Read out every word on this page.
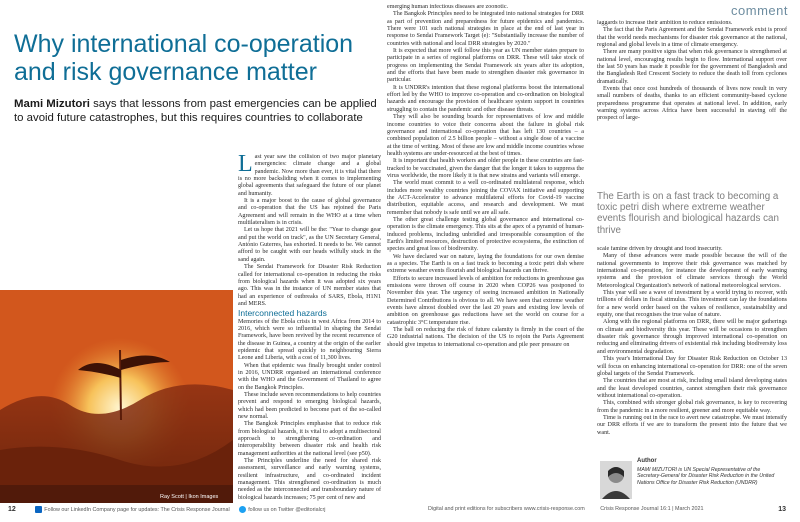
comment
Why international co-operation and risk governance matter
Mami Mizutori says that lessons from past emergencies can be applied to avoid future catastrophes, but this requires countries to collaborate

Last year saw the collision of two major planetary emergencies: climate change and a global pandemic. Now more than ever, it is vital that there is no more backsliding when it comes to implementing global agreements that safeguard the future of our planet and humanity.

It is a major boost to the cause of global governance and co-operation that the US has rejoined the Paris Agreement and will remain in the WHO at a time when multilateralism is in crisis.

Let us hope that 2021 will be the: "Year to change gear and put the world on track", as the UN Secretary General, António Guterres, has exhorted. It needs to be. We cannot afford to be caught with our heads wilfully stuck in the sand again.

The Sendai Framework for Disaster Risk Reduction called for international co-operation in reducing the risks from biological hazards when it was adopted six years ago. This was in the instance of UN member states that had an experience of outbreaks of SARS, Ebola, H1N1 and MERS.

Interconnected hazards

Memories of the Ebola crisis in west Africa from 2014 to 2016, which were so influential in shaping the Sendai Framework, have been revived by the recent recurrence of the disease in Guinea, a country at the origin of the earlier epidemic that spread quickly to neighbouring Sierra Leone and Liberia, with a cost of 11,300 lives.

When that epidemic was finally brought under control in 2016, UNDRR organised an international conference with the WHO and the Government of Thailand to agree on the Bangkok Principles.

These include seven recommendations to help countries prevent and respond to emerging biological hazards, which had been predicted to become part of the so-called new normal.

The Bangkok Principles emphasise that to reduce risk from biological hazards, it is vital to adopt a multisectoral approach to strengthening co-ordination and interoperability between disaster risk and health risk management authorities at the national level (see p50).

The Principles underline the need for shared risk assessment, surveillance and early warning systems, resilient infrastructure, and co-ordinated incident management. This strengthened co-ordination is much needed as the interconnected and transboundary nature of biological hazards increases; 75 per cent of new and

Ray Scott | Ikon Images

emerging human infectious diseases are zoonotic.

The Bangkok Principles need to be integrated into national strategies for DRR as part of prevention and preparedness for future epidemics and pandemics. There were 101 such national strategies in place at the end of last year in response to Sendai Framework Target (e): "Substantially increase the number of countries with national and local DRR strategies by 2020."

It is expected that more will follow this year as UN member states prepare to participate in a series of regional platforms on DRR. These will take stock of progress on implementing the Sendai Framework six years after its adoption, and the efforts that have been made to strengthen disaster risk governance in particular.

It is UNDRR's intention that these regional platforms boost the international effort led by the WHO to improve co-operation and co-ordination on biological hazards and encourage the provision of healthcare system support in countries struggling to contain the pandemic and other disease threats.

They will also be sounding boards for representatives of low and middle income countries to voice their concerns about the failure in global risk governance and international co-operation that has left 130 countries – a combined population of 2.5 billion people – without a single dose of a vaccine at the time of writing. Most of these are low and middle income countries whose health systems are under-resourced at the best of times.

It is important that health workers and older people in these countries are fast-tracked to be vaccinated, given the danger that the longer it takes to suppress the virus worldwide, the more likely it is that new strains and variants will emerge.

The world must commit to a well co-ordinated multilateral response, which includes more wealthy countries joining the COVAX initiative and supporting the ACT-Accelerator to advance multilateral efforts for Covid-19 vaccine distribution, equitable access, and research and development. We must remember that nobody is safe until we are all safe.

The other great challenge testing global governance and international co-operation is the climate emergency. This sits at the apex of a pyramid of human-induced problems, including unbridled and irresponsible consumption of the Earth's limited resources, destruction of protective ecosystems, the extinction of species and great loss of biodiversity.

We have declared war on nature, laying the foundations for our own demise as a species. The Earth is on a fast track to becoming a toxic petri dish where extreme weather events flourish and biological hazards can thrive.

Efforts to secure increased levels of ambition for reductions in greenhouse gas emissions were thrown off course in 2020 when COP26 was postponed to November this year. The urgency of seeing increased ambition in Nationally Determined Contributions is obvious to all. We have seen that extreme weather events have almost doubled over the last 20 years and existing low levels of ambition on greenhouse gas reductions have set the world on course for a catastrophic 3°C temperature rise.

The ball on reducing the risk of future calamity is firmly in the court of the G20 industrial nations. The decision of the US to rejoin the Paris Agreement should give impetus to international co-operation and pile peer pressure on

laggards to increase their ambition to reduce emissions.

The fact that the Paris Agreement and the Sendai Framework exist is proof that the world needs mechanisms for disaster risk governance at the national, regional and global levels in a time of climate emergency.

There are many positive signs that when risk governance is strengthened at national level, encouraging results begin to flow. International support over the last 50 years has made it possible for the government of Bangladesh and the Bangladesh Red Crescent Society to reduce the death toll from cyclones dramatically.

Events that once cost hundreds of thousands of lives now result in very small numbers of deaths, thanks to an efficient community-based cyclone preparedness programme that operates at national level. In addition, early warning systems across Africa have been successful in staving off the prospect of large-

The Earth is on a fast track to becoming a toxic petri dish where extreme weather events flourish and biological hazards can thrive

scale famine driven by drought and food insecurity.

Many of these advances were made possible because the will of the national governments to improve their risk governance was matched by international co-operation, for instance the development of early warning systems and the provision of climate services through the World Meteorological Organization's network of national meteorological services.

This year will see a wave of investment by a world trying to recover, with trillions of dollars in fiscal stimulus. This investment can lay the foundations for a new world order based on the values of resilience, sustainability and equity, one that recognises the true value of nature.

Along with the regional platforms on DRR, there will be major gatherings on climate and biodiversity this year. These will be occasions to strengthen disaster risk governance through improved international co-operation on reducing and eliminating drivers of existential risk including biodiversity loss and environmental degradation.

This year's International Day for Disaster Risk Reduction on October 13 will focus on enhancing international co-operation for DRR: one of the seven global targets of the Sendai Framework.

The countries that are most at risk, including small island developing states and the least developed countries, cannot strengthen their risk governance without international co-operation.

This, combined with stronger global risk governance, is key to recovering from the pandemic in a more resilient, greener and more equitable way.

Time is running out in the race to avert new catastrophe. We must intensify our DRR efforts if we are to transform the present into the future that we want.

Author
MAMI MIZUTORI is UN Special Representative of the Secretary-General for Disaster Risk Reduction in the United Nations Office for Disaster Risk Reduction (UNDRR)
12	Follow our LinkedIn Company page for updates: The Crisis Response Journal	follow us on Twitter @editorialcrj	Digital and print editions for subscribers www.crisis-response.com	Crisis Response Journal 16:1 | March 2021	13
